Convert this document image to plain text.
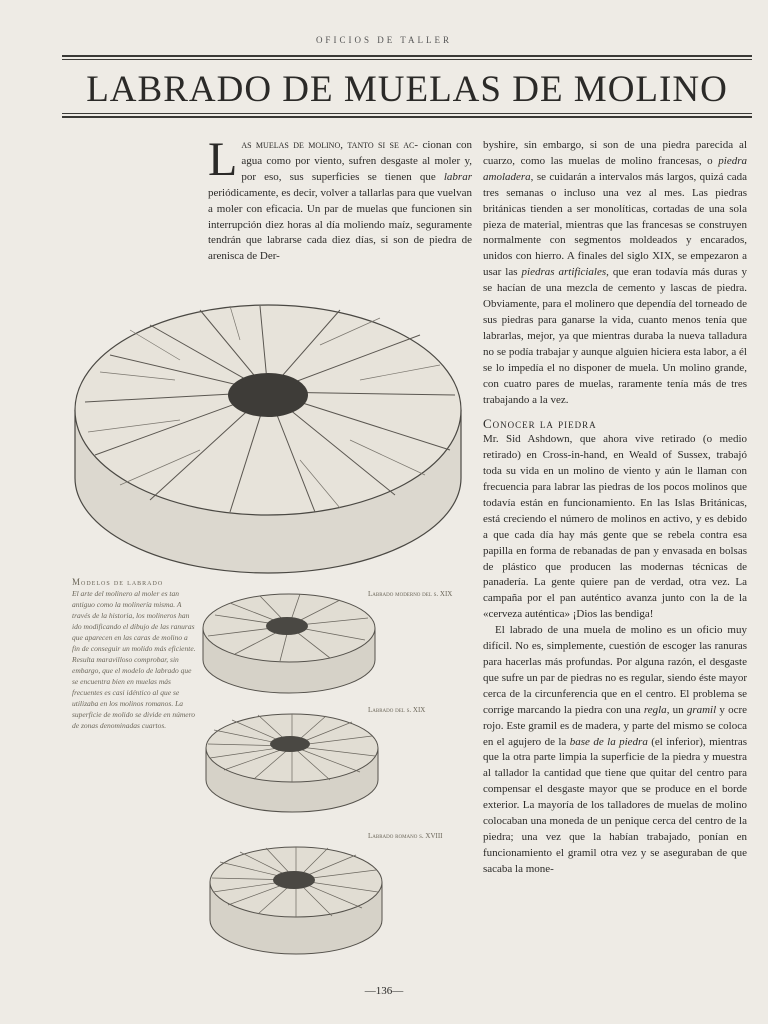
OFICIOS DE TALLER
LABRADO DE MUELAS DE MOLINO

Las muelas de molino, tanto si se ac- cionan con agua como por viento, sufren desgaste al moler y, por eso, sus superficies se tienen que labrar periódicamente, es decir, volver a tallarlas para que vuelvan a moler con eficacia. Un par de muelas que funcionen sin interrupción diez horas al día moliendo maíz, seguramente tendrán que labrarse cada diez días, si son de piedra de arenisca de Der-

byshire, sin embargo, si son de una piedra parecida al cuarzo, como las muelas de molino francesas, o piedra amoladera, se cuidarán a intervalos más largos, quizá cada tres semanas o incluso una vez al mes. Las piedras británicas tienden a ser monolíticas, cortadas de una sola pieza de material, mientras que las francesas se construyen normalmente con segmentos moldeados y encarados, unidos con hierro. A finales del siglo XIX, se empezaron a usar las piedras artificiales, que eran todavía más duras y se hacían de una mezcla de cemento y lascas de piedra. Obviamente, para el molinero que dependía del torneado de sus piedras para ganarse la vida, cuanto menos tenía que labrarlas, mejor, ya que mientras duraba la nueva talladura no se podía trabajar y aunque alguien hiciera esta labor, a él se lo impedía el no disponer de muela. Un molino grande, con cuatro pares de muelas, raramente tenía más de tres trabajando a la vez.

Conocer la piedra

Mr. Sid Ashdown, que ahora vive retirado (o medio retirado) en Cross-in-hand, en Weald of Sussex, trabajó toda su vida en un molino de viento y aún le llaman con frecuencia para labrar las piedras de los pocos molinos que todavía están en funcionamiento. En las Islas Británicas, está creciendo el número de molinos en activo, y es debido a que cada día hay más gente que se rebela contra esa papilla en forma de rebanadas de pan y envasada en bolsas de plástico que producen las modernas técnicas de panadería. La gente quiere pan de verdad, otra vez. La campaña por el pan auténtico avanza junto con la de la «cerveza auténtica» ¡Dios las bendiga!

El labrado de una muela de molino es un oficio muy difícil. No es, simplemente, cuestión de escoger las ranuras para hacerlas más profundas. Por alguna razón, el desgaste que sufre un par de piedras no es regular, siendo éste mayor cerca de la circunferencia que en el centro. El problema se corrige marcando la piedra con una regla, un gramil y ocre rojo. Este gramil es de madera, y parte del mismo se coloca en el agujero de la base de la piedra (el inferior), mientras que la otra parte limpia la superficie de la piedra y muestra al tallador la cantidad que tiene que quitar del centro para compensar el desgaste mayor que se produce en el borde exterior. La mayoría de los talladores de muelas de molino colocaban una moneda de un penique cerca del centro de la piedra; una vez que la habían trabajado, ponían en funcionamiento el gramil otra vez y se aseguraban de que sacaba la mone-

Modelos de labrado
El arte del molinero al moler es tan antiguo como la molinería misma. A través de la historia, los molineros han ido modificando el dibujo de las ranuras que aparecen en las caras de molino a fin de conseguir un molido más eficiente. Resulta maravilloso comprobar, sin embargo, que el modelo de labrado que se encuentra bien en muelas más frecuentes es casi idéntico al que se utilizaba en los molinos romanos. La superficie de molido se divide en número de zonas denominadas cuartos.
Labrado moderno del s. XIX
Labrado del s. XIX
Labrado romano s. XVIII
—136—
